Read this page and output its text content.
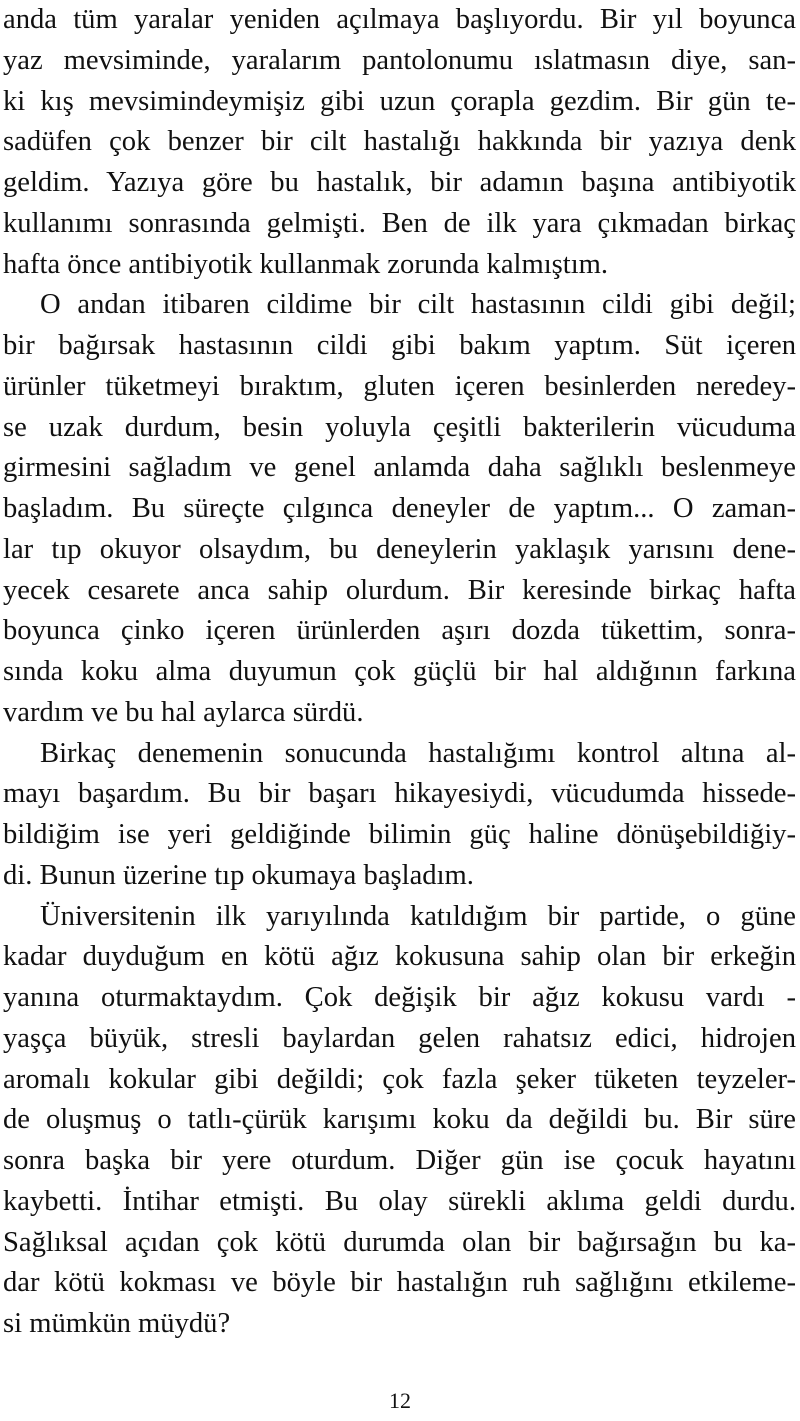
anda tüm yaralar yeniden açılmaya başlıyordu. Bir yıl boyunca
yaz mevsiminde, yaralarım pantolonumu ıslatmasın diye, san-
ki kış mevsimindeymişiz gibi uzun çorapla gezdim. Bir gün te-
sadüfen çok benzer bir cilt hastalığı hakkında bir yazıya denk
geldim. Yazıya göre bu hastalık, bir adamın başına antibiyotik
kullanımı sonrasında gelmişti. Ben de ilk yara çıkmadan birkaç
hafta önce antibiyotik kullanmak zorunda kalmıştım.
O andan itibaren cildime bir cilt hastasının cildi gibi değil;
bir bağırsak hastasının cildi gibi bakım yaptım. Süt içeren
ürünler tüketmeyi bıraktım, gluten içeren besinlerden neredey-
se uzak durdum, besin yoluyla çeşitli bakterilerin vücuduma
girmesini sağladım ve genel anlamda daha sağlıklı beslenmeye
başladım. Bu süreçte çılgınca deneyler de yaptım... O zaman-
lar tıp okuyor olsaydım, bu deneylerin yaklaşık yarısını dene-
yecek cesarete anca sahip olurdum. Bir keresinde birkaç hafta
boyunca çinko içeren ürünlerden aşırı dozda tükettim, sonra-
sında koku alma duyumun çok güçlü bir hal aldığının farkına
vardım ve bu hal aylarca sürdü.
Birkaç denemenin sonucunda hastalığımı kontrol altına al-
mayı başardım. Bu bir başarı hikayesiydi, vücudumda hissede-
bildiğim ise yeri geldiğinde bilimin güç haline dönüşebildiğiy-
di. Bunun üzerine tıp okumaya başladım.
Üniversitenin ilk yarıyılında katıldığım bir partide, o güne
kadar duyduğum en kötü ağız kokusuna sahip olan bir erkeğin
yanına oturmaktaydım. Çok değişik bir ağız kokusu vardı -
yaşça büyük, stresli baylardan gelen rahatsız edici, hidrojen
aromalı kokular gibi değildi; çok fazla şeker tüketen teyzeler-
de oluşmuş o tatlı-çürük karışımı koku da değildi bu. Bir süre
sonra başka bir yere oturdum. Diğer gün ise çocuk hayatını
kaybetti. İntihar etmişti. Bu olay sürekli aklıma geldi durdu.
Sağlıksal açıdan çok kötü durumda olan bir bağırsağın bu ka-
dar kötü kokması ve böyle bir hastalığın ruh sağlığını etkileme-
si mümkün müydü?
12
